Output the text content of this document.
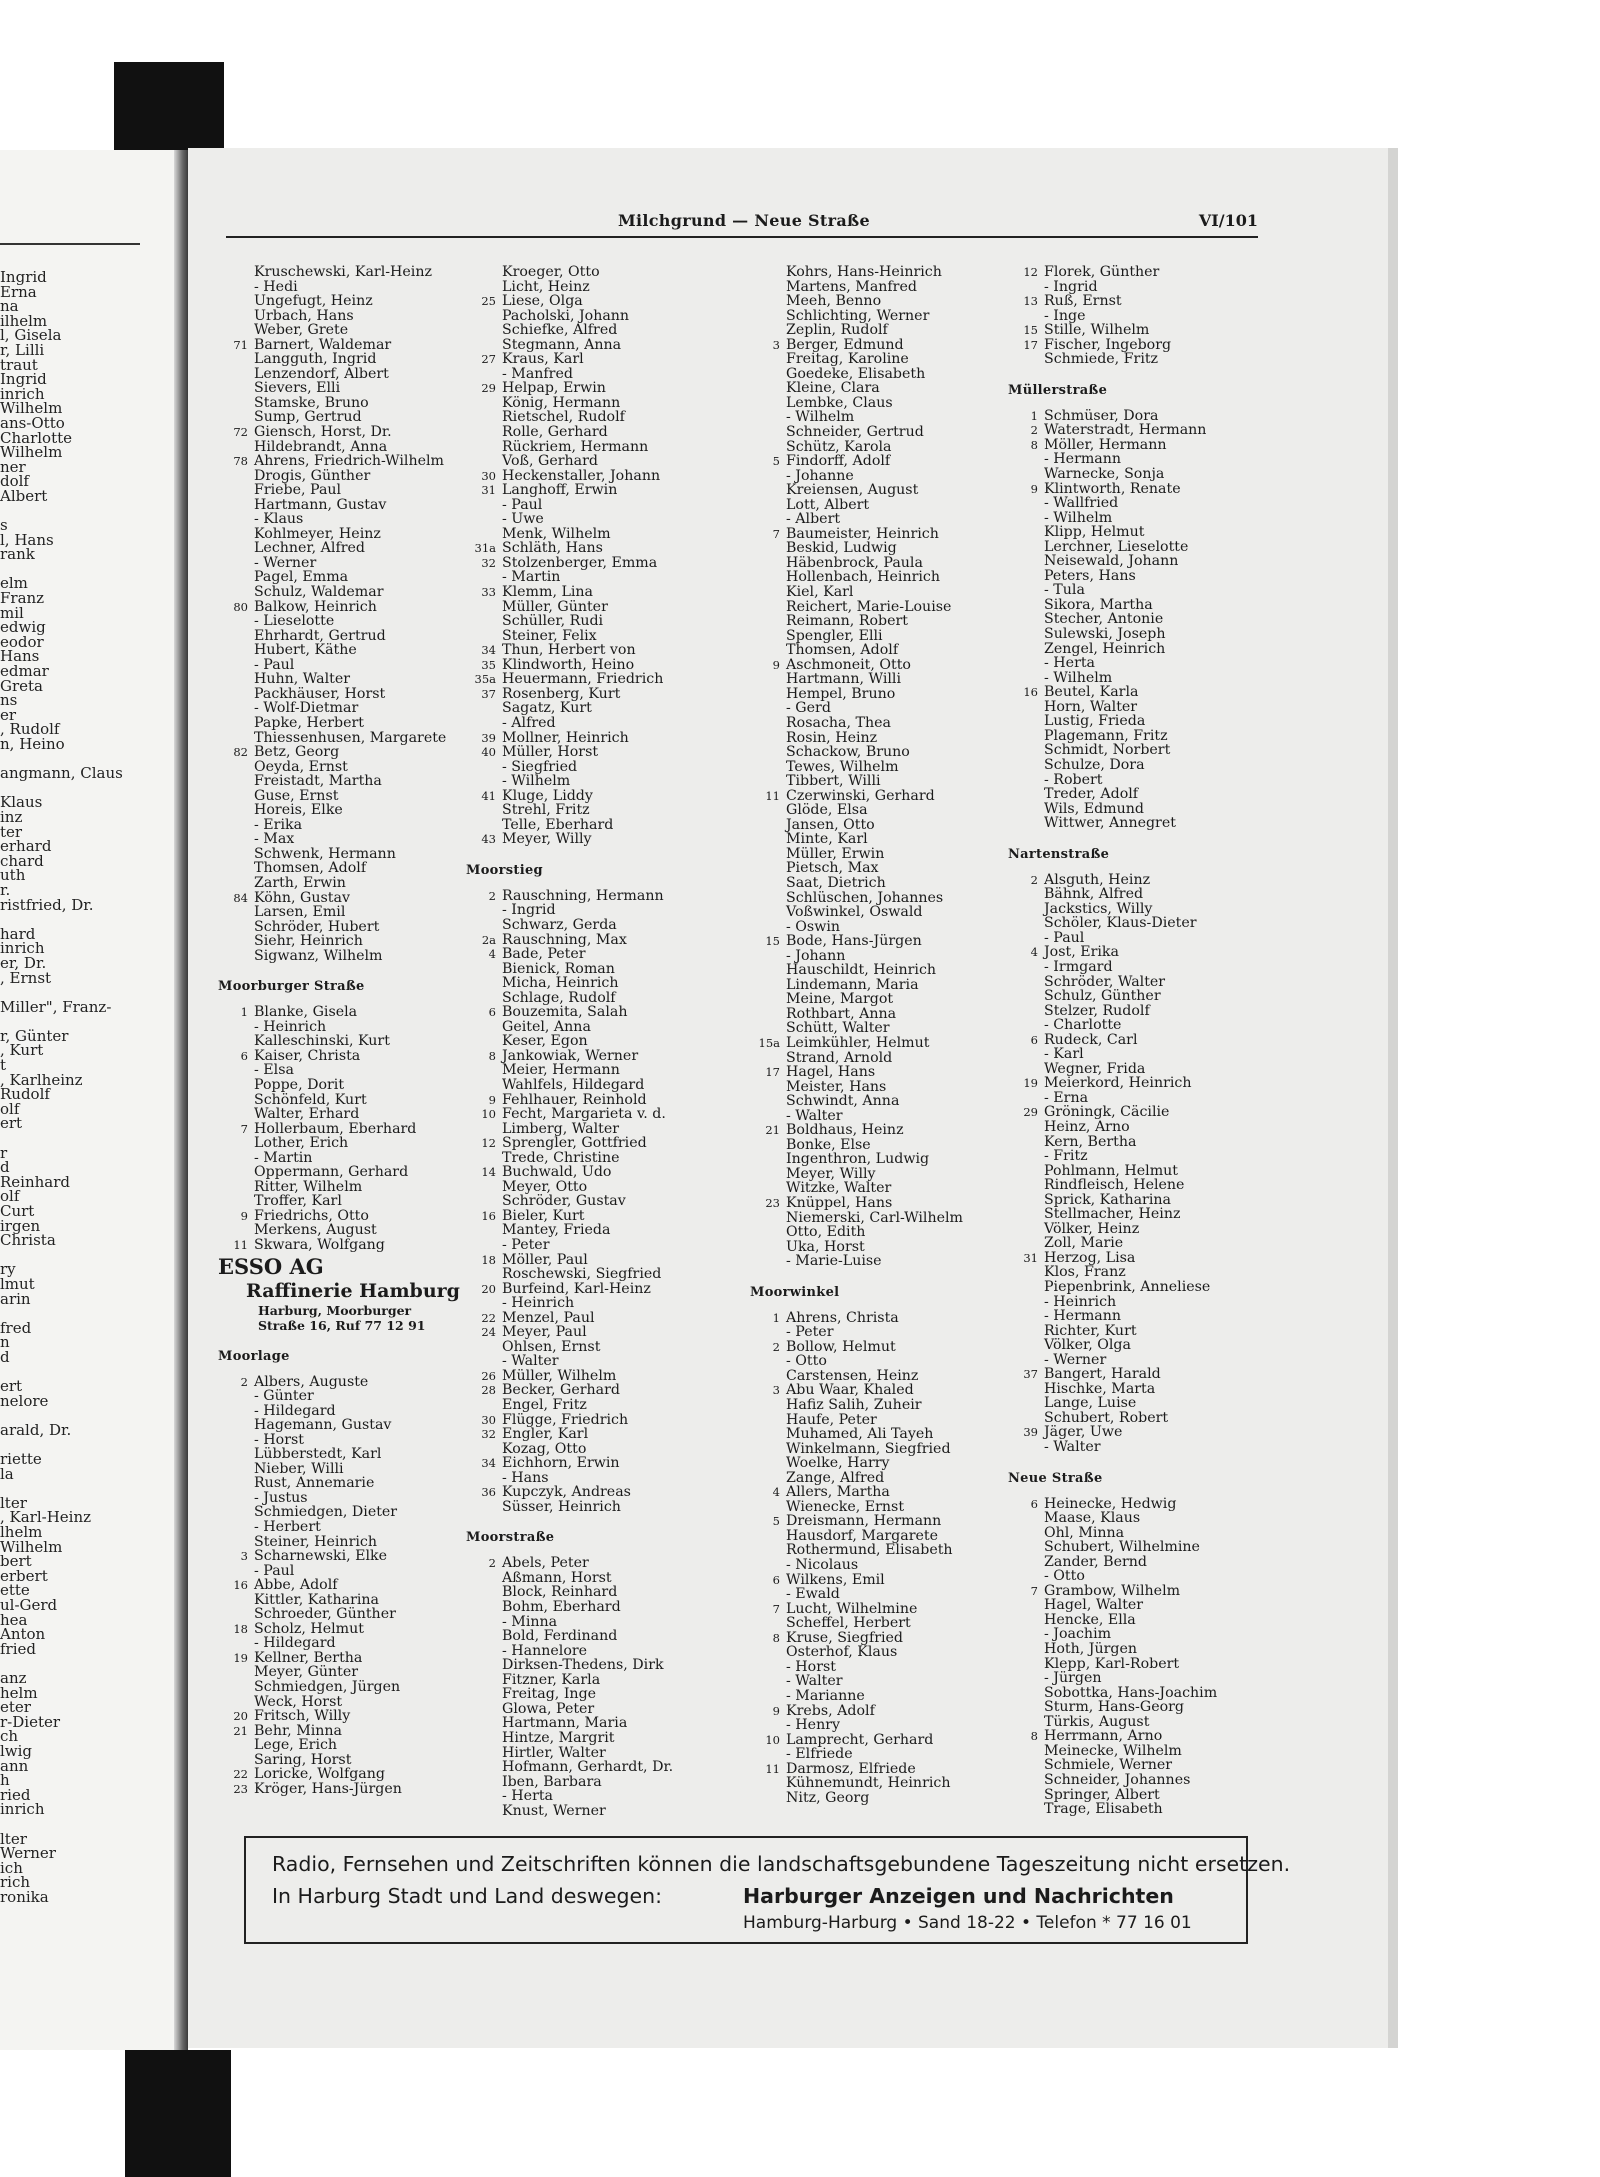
Ingrid
Erna
na
ilhelm
l, Gisela
r, Lilli
traut
Ingrid
inrich
Wilhelm
ans-Otto
Charlotte
Wilhelm
ner
dolf
Albert
s
l, Hans
rank
elm
Franz
mil
edwig
eodor
Hans
edmar
Greta
ns
er
, Rudolf
n, Heino
angmann, Claus
Klaus
inz
ter
erhard
chard
uth
r.
ristfried, Dr.
hard
inrich
er, Dr.
, Ernst
Miller", Franz-
r, Günter
, Kurt
t
, Karlheinz
Rudolf
olf
ert
r
d
Reinhard
olf
Curt
irgen
Christa
ry
lmut
arin
fred
n
d
ert
nelore
arald, Dr.
riette
la
lter
, Karl-Heinz
lhelm
Wilhelm
bert
erbert
ette
ul-Gerd
hea
Anton
fried
anz
helm
eter
r-Dieter
ch
lwig
ann
h
ried
inrich
lter
Werner
ich
rich
ronika
Milchgrund — Neue Straße	VI/101
Kruschewski, Karl-Heinz
- Hedi
Ungefugt, Heinz
Urbach, Hans
Weber, Grete
71 Barnert, Waldemar
Langguth, Ingrid
Lenzendorf, Albert
Sievers, Elli
Stamske, Bruno
Sump, Gertrud
72 Giensch, Horst, Dr.
Hildebrandt, Anna
78 Ahrens, Friedrich-Wilhelm
Drogis, Günther
Friebe, Paul
Hartmann, Gustav
- Klaus
Kohlmeyer, Heinz
Lechner, Alfred
- Werner
Pagel, Emma
Schulz, Waldemar
80 Balkow, Heinrich
- Lieselotte
Ehrhardt, Gertrud
Hubert, Käthe
- Paul
Huhn, Walter
Packhäuser, Horst
- Wolf-Dietmar
Papke, Herbert
Thiessenhusen, Margarete
82 Betz, Georg
Oeyda, Ernst
Freistadt, Martha
Guse, Ernst
Horeis, Elke
- Erika
- Max
Schwenk, Hermann
Thomsen, Adolf
Zarth, Erwin
84 Köhn, Gustav
Larsen, Emil
Schröder, Hubert
Siehr, Heinrich
Sigwanz, Wilhelm
Moorburger Straße
1 Blanke, Gisela
- Heinrich
Kalleschinski, Kurt
6 Kaiser, Christa
- Elsa
Poppe, Dorit
Schönfeld, Kurt
Walter, Erhard
7 Hollerbaum, Eberhard
Lother, Erich
- Martin
Oppermann, Gerhard
Ritter, Wilhelm
Troffer, Karl
9 Friedrichs, Otto
Merkens, August
11 Skwara, Wolfgang
ESSO AG
Raffinerie Hamburg
Harburg, Moorburger
Straße 16, Ruf 77 12 91
Moorlage
2 Albers, Auguste
- Günter
- Hildegard
Hagemann, Gustav
- Horst
Lübberstedt, Karl
Nieber, Willi
Rust, Annemarie
- Justus
Schmiedgen, Dieter
- Herbert
Steiner, Heinrich
3 Scharnewski, Elke
- Paul
16 Abbe, Adolf
Kittler, Katharina
Schroeder, Günther
18 Scholz, Helmut
- Hildegard
19 Kellner, Bertha
Meyer, Günter
Schmiedgen, Jürgen
Weck, Horst
20 Fritsch, Willy
21 Behr, Minna
Lege, Erich
Saring, Horst
22 Loricke, Wolfgang
23 Kröger, Hans-Jürgen
Kroeger, Otto
Licht, Heinz
25 Liese, Olga
Pacholski, Johann
Schiefke, Alfred
Stegmann, Anna
27 Kraus, Karl
- Manfred
29 Helpap, Erwin
König, Hermann
Rietschel, Rudolf
Rolle, Gerhard
Rückriem, Hermann
Voß, Gerhard
30 Heckenstaller, Johann
31 Langhoff, Erwin
- Paul
- Uwe
Menk, Wilhelm
31a Schläth, Hans
32 Stolzenberger, Emma
- Martin
33 Klemm, Lina
Müller, Günter
Schüller, Rudi
Steiner, Felix
34 Thun, Herbert von
35 Klindworth, Heino
35a Heuermann, Friedrich
37 Rosenberg, Kurt
Sagatz, Kurt
- Alfred
39 Mollner, Heinrich
40 Müller, Horst
- Siegfried
- Wilhelm
41 Kluge, Liddy
Strehl, Fritz
Telle, Eberhard
43 Meyer, Willy
Moorstieg
2 Rauschning, Hermann
- Ingrid
Schwarz, Gerda
2a Rauschning, Max
4 Bade, Peter
Bienick, Roman
Micha, Heinrich
Schlage, Rudolf
6 Bouzemita, Salah
Geitel, Anna
Keser, Egon
8 Jankowiak, Werner
Meier, Hermann
Wahlfels, Hildegard
9 Fehlhauer, Reinhold
10 Fecht, Margarieta v. d.
Limberg, Walter
12 Sprengler, Gottfried
Trede, Christine
14 Buchwald, Udo
Meyer, Otto
Schröder, Gustav
16 Bieler, Kurt
Mantey, Frieda
- Peter
18 Möller, Paul
Roschewski, Siegfried
20 Burfeind, Karl-Heinz
- Heinrich
22 Menzel, Paul
24 Meyer, Paul
Ohlsen, Ernst
- Walter
26 Müller, Wilhelm
28 Becker, Gerhard
Engel, Fritz
30 Flügge, Friedrich
32 Engler, Karl
Kozag, Otto
34 Eichhorn, Erwin
- Hans
36 Kupczyk, Andreas
Süsser, Heinrich
Moorstraße
2 Abels, Peter
Aßmann, Horst
Block, Reinhard
Bohm, Eberhard
- Minna
Bold, Ferdinand
- Hannelore
Dirksen-Thedens, Dirk
Fitzner, Karla
Freitag, Inge
Glowa, Peter
Hartmann, Maria
Hintze, Margrit
Hirtler, Walter
Hofmann, Gerhardt, Dr.
Iben, Barbara
- Herta
Knust, Werner
Kohrs, Hans-Heinrich
Martens, Manfred
Meeh, Benno
Schlichting, Werner
Zeplin, Rudolf
3 Berger, Edmund
Freitag, Karoline
Goedeke, Elisabeth
Kleine, Clara
Lembke, Claus
- Wilhelm
Schneider, Gertrud
Schütz, Karola
5 Findorff, Adolf
- Johanne
Kreiensen, August
Lott, Albert
- Albert
7 Baumeister, Heinrich
Beskid, Ludwig
Häbenbrock, Paula
Hollenbach, Heinrich
Kiel, Karl
Reichert, Marie-Louise
Reimann, Robert
Spengler, Elli
Thomsen, Adolf
9 Aschmoneit, Otto
Hartmann, Willi
Hempel, Bruno
- Gerd
Rosacha, Thea
Rosin, Heinz
Schackow, Bruno
Tewes, Wilhelm
Tibbert, Willi
11 Czerwinski, Gerhard
Glöde, Elsa
Jansen, Otto
Minte, Karl
Müller, Erwin
Pietsch, Max
Saat, Dietrich
Schlüschen, Johannes
Voßwinkel, Oswald
- Oswin
15 Bode, Hans-Jürgen
- Johann
Hauschildt, Heinrich
Lindemann, Maria
Meine, Margot
Rothbart, Anna
Schütt, Walter
15a Leimkühler, Helmut
Strand, Arnold
17 Hagel, Hans
Meister, Hans
Schwindt, Anna
- Walter
21 Boldhaus, Heinz
Bonke, Else
Ingenthron, Ludwig
Meyer, Willy
Witzke, Walter
23 Knüppel, Hans
Niemerski, Carl-Wilhelm
Otto, Edith
Uka, Horst
- Marie-Luise
Moorwinkel
1 Ahrens, Christa
- Peter
2 Bollow, Helmut
- Otto
Carstensen, Heinz
3 Abu Waar, Khaled
Hafiz Salih, Zuheir
Haufe, Peter
Muhamed, Ali Tayeh
Winkelmann, Siegfried
Woelke, Harry
Zange, Alfred
4 Allers, Martha
Wienecke, Ernst
5 Dreismann, Hermann
Hausdorf, Margarete
Rothermund, Elisabeth
- Nicolaus
6 Wilkens, Emil
- Ewald
7 Lucht, Wilhelmine
Scheffel, Herbert
8 Kruse, Siegfried
Osterhof, Klaus
- Horst
- Walter
- Marianne
9 Krebs, Adolf
- Henry
10 Lamprecht, Gerhard
- Elfriede
11 Darmosz, Elfriede
Kühnemundt, Heinrich
Nitz, Georg
12 Florek, Günther
- Ingrid
13 Ruß, Ernst
- Inge
15 Stille, Wilhelm
17 Fischer, Ingeborg
Schmiede, Fritz
Müllerstraße
1 Schmüser, Dora
2 Waterstradt, Hermann
8 Möller, Hermann
- Hermann
Warnecke, Sonja
9 Klintworth, Renate
- Wallfried
- Wilhelm
Klipp, Helmut
Lerchner, Lieselotte
Neisewald, Johann
Peters, Hans
- Tula
Sikora, Martha
Stecher, Antonie
Sulewski, Joseph
Zengel, Heinrich
- Herta
- Wilhelm
16 Beutel, Karla
Horn, Walter
Lustig, Frieda
Plagemann, Fritz
Schmidt, Norbert
Schulze, Dora
- Robert
Treder, Adolf
Wils, Edmund
Wittwer, Annegret
Nartenstraße
2 Alsguth, Heinz
Bähnk, Alfred
Jackstics, Willy
Schöler, Klaus-Dieter
- Paul
4 Jost, Erika
- Irmgard
Schröder, Walter
Schulz, Günther
Stelzer, Rudolf
- Charlotte
6 Rudeck, Carl
- Karl
Wegner, Frida
19 Meierkord, Heinrich
- Erna
29 Gröningk, Cäcilie
Heinz, Arno
Kern, Bertha
- Fritz
Pohlmann, Helmut
Rindfleisch, Helene
Sprick, Katharina
Stellmacher, Heinz
Völker, Heinz
Zoll, Marie
31 Herzog, Lisa
Klos, Franz
Piepenbrink, Anneliese
- Heinrich
- Hermann
Richter, Kurt
Völker, Olga
- Werner
37 Bangert, Harald
Hischke, Marta
Lange, Luise
Schubert, Robert
39 Jäger, Uwe
- Walter
Neue Straße
6 Heinecke, Hedwig
Maase, Klaus
Ohl, Minna
Schubert, Wilhelmine
Zander, Bernd
- Otto
7 Grambow, Wilhelm
Hagel, Walter
Hencke, Ella
- Joachim
Hoth, Jürgen
Klepp, Karl-Robert
- Jürgen
Sobottka, Hans-Joachim
Sturm, Hans-Georg
Türkis, August
8 Herrmann, Arno
Meinecke, Wilhelm
Schmiele, Werner
Schneider, Johannes
Springer, Albert
Trage, Elisabeth
Radio, Fernsehen und Zeitschriften können die landschaftsgebundene Tageszeitung nicht ersetzen.
In Harburg Stadt und Land deswegen:	Harburger Anzeigen und Nachrichten
Hamburg-Harburg • Sand 18-22 • Telefon * 77 16 01
